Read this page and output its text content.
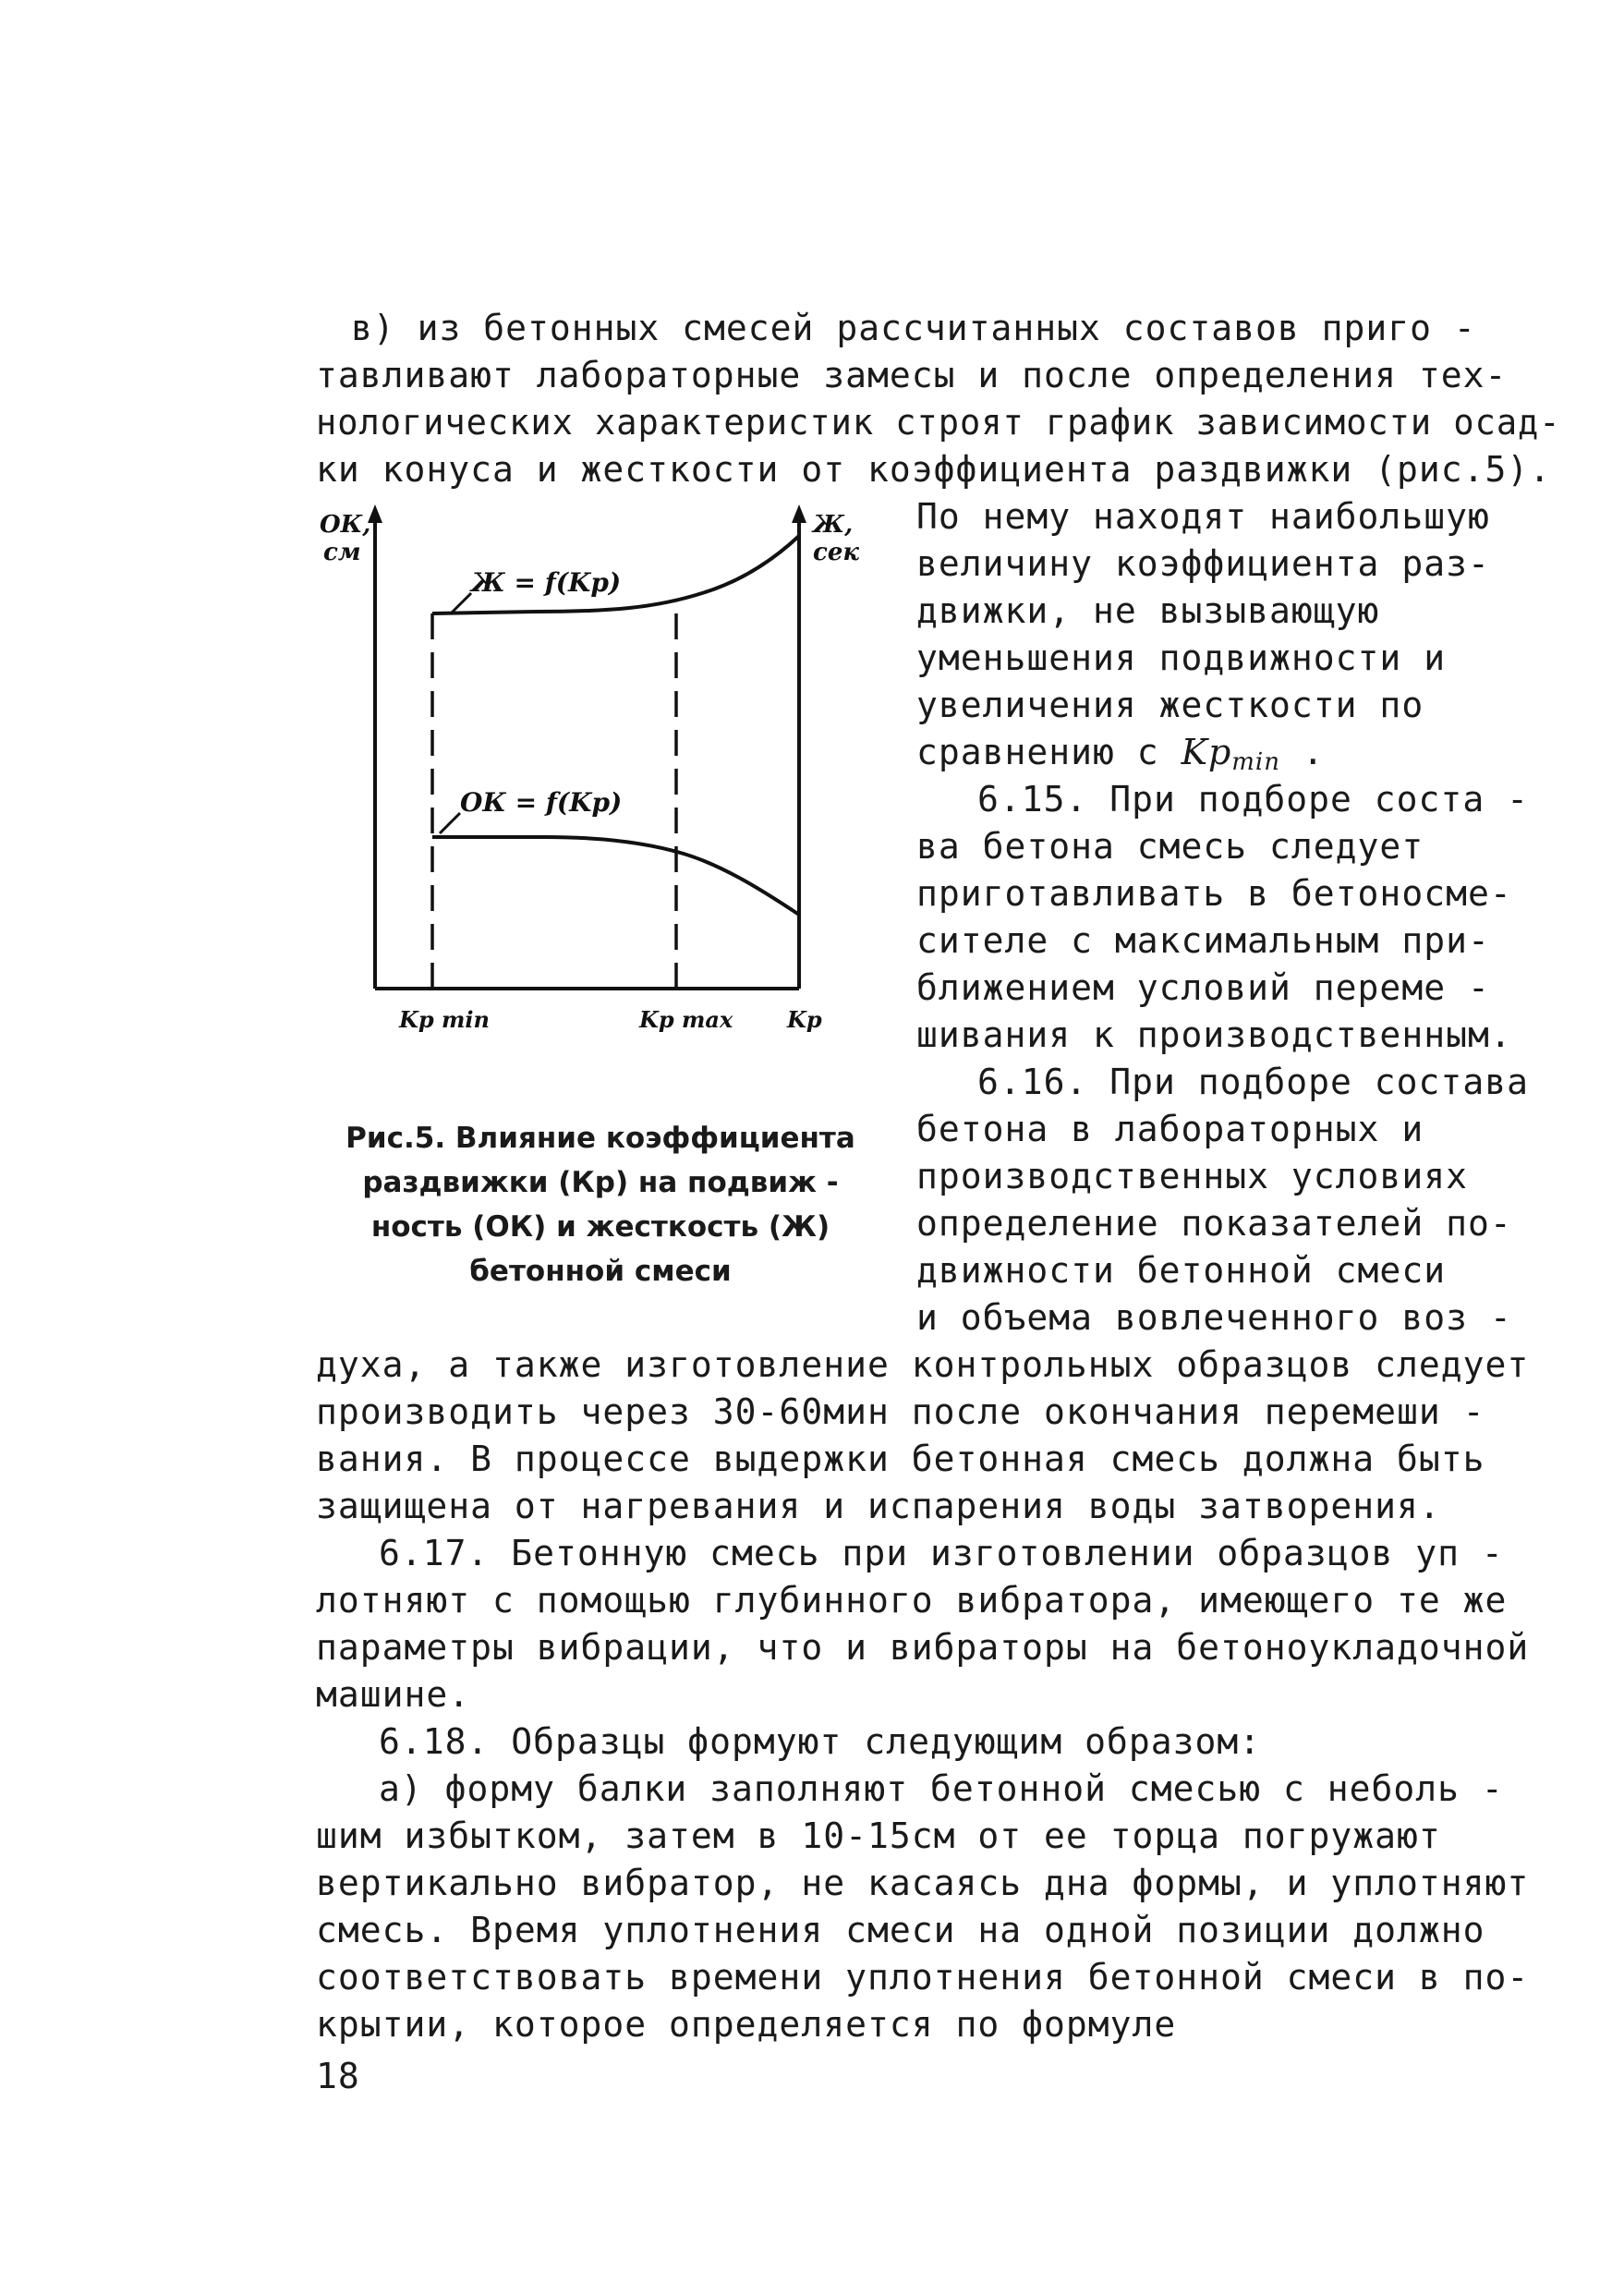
в) из бетонных смесей рассчитанных составов приго -
тавливают лабораторные замесы и после определения тех-
нологических характеристик строят график зависимости осад-
ки конуса и жесткости от коэффициента раздвижки (рис.5).
ОК,
см
Ж,
сек
Ж = f(Kp)
ОК = f(Kp)
Kp min	Kp max Kp
По нему находят наибольшую
величину коэффициента раз-
движки, не вызывающую
уменьшения подвижности и
увеличения жесткости по
сравнению с $Kp_{min}$ .
6.15. При подборе соста -
ва бетона смесь следует
приготавливать в бетоносме-
сителе с максимальным при-
ближением условий переме -
шивания к производственным.
6.16. При подборе состава
бетона в лабораторных и
производственных условиях
определение показателей по-
движности бетонной смеси
и объема вовлеченного воз -
Рис.5. Влияние коэффициента
раздвижки (Кр) на подвиж -
ность (ОК) и жесткость (Ж)
бетонной смеси
духа, а также изготовление контрольных образцов следует
производить через 30-60мин после окончания перемеши -
вания. В процессе выдержки бетонная смесь должна быть
защищена от нагревания и испарения воды затворения.
6.17. Бетонную смесь при изготовлении образцов уп -
лотняют с помощью глубинного вибратора, имеющего те же
параметры вибрации, что и вибраторы на бетоноукладочной
машине.
6.18. Образцы формуют следующим образом:
а) форму балки заполняют бетонной смесью с неболь -
шим избытком, затем в 10-15см от ее торца погружают
вертикально вибратор, не касаясь дна формы, и уплотняют
смесь. Время уплотнения смеси на одной позиции должно
соответствовать времени уплотнения бетонной смеси в по-
крытии, которое определяется по формуле
18
